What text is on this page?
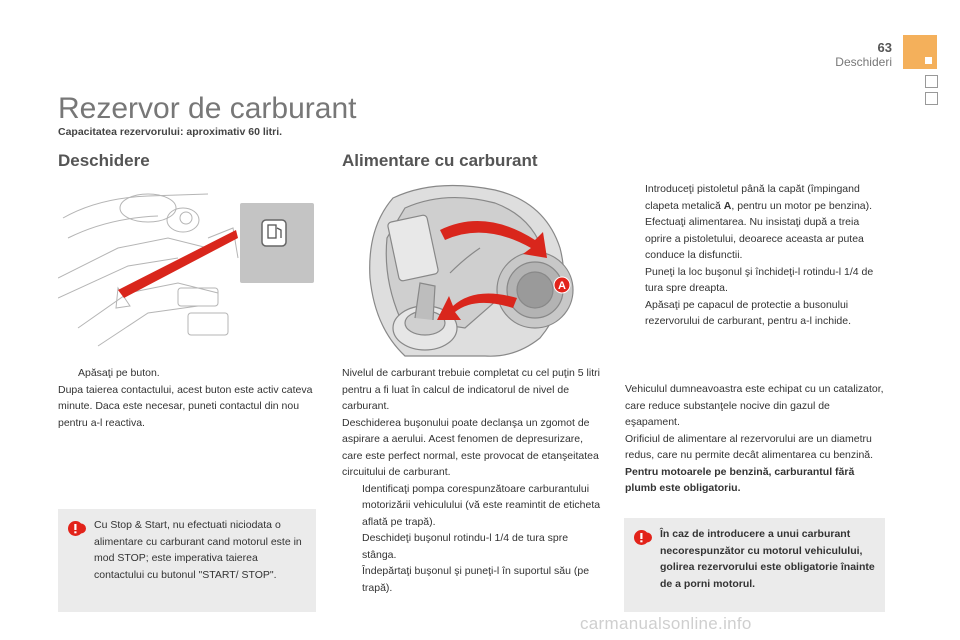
63
Deschideri
Rezervor de carburant
Capacitatea rezervorului: aproximativ 60 litri.
Deschidere	Alimentare cu carburant
Apăsaţi pe buton.

Dupa taierea contactului, acest buton este activ cateva minute. Daca este necesar, puneti contactul din nou pentru a-l reactiva.

Cu Stop & Start, nu efectuati niciodata o alimentare cu carburant cand motorul este in mod STOP; este imperativa taierea contactului cu butonul "START/ STOP".
A

Nivelul de carburant trebuie completat cu cel puţin 5 litri pentru a fi luat în calcul de indicatorul de nivel de carburant.

Deschiderea buşonului poate declanşa un zgomot de aspirare a aerului. Acest fenomen de depresurizare, care este perfect normal, este provocat de etanşeitatea circuitului de carburant.

Identificaţi pompa corespunzătoare carburantului motorizării vehiculului (vă este reamintit de eticheta aflată pe trapă).
Deschideţi buşonul rotindu-l 1/4 de tura spre stânga.
Îndepărtaţi buşonul şi puneţi-l în suportul său (pe trapă).
Introduceţi pistoletul până la capăt (împingand clapeta metalică A, pentru un motor pe benzina).
Efectuaţi alimentarea. Nu insistaţi după a treia oprire a pistoletului, deoarece aceasta ar putea conduce la disfunctii.
Puneţi la loc buşonul şi închideţi-l rotindu-l 1/4 de tura spre dreapta.
Apăsaţi pe capacul de protectie a busonului rezervorului de carburant, pentru a-l inchide.

Vehiculul dumneavoastra este echipat cu un catalizator, care reduce substanţele nocive din gazul de eşapament.

Orificiul de alimentare al rezervorului are un diametru redus, care nu permite decât alimentarea cu benzină.

Pentru motoarele pe benzină, carburantul fără plumb este obligatoriu.

În caz de introducere a unui carburant necorespunzător cu motorul vehiculului, golirea rezervorului este obligatorie înainte de a porni motorul.
carmanualsonline.info
